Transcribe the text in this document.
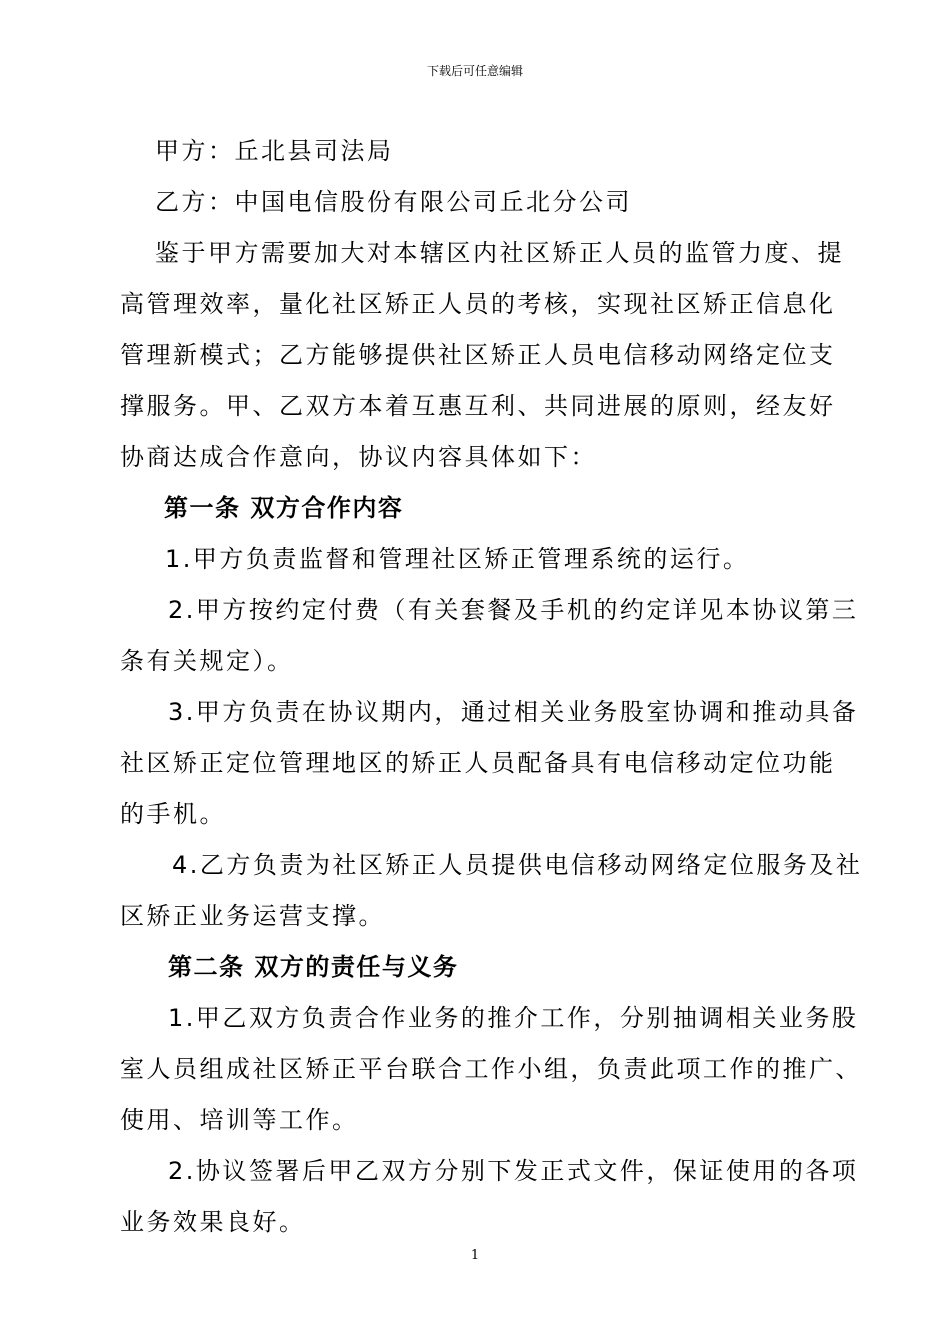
下载后可任意编辑
甲方：丘北县司法局
乙方：中国电信股份有限公司丘北分公司
鉴于甲方需要加大对本辖区内社区矫正人员的监管力度、提
高管理效率，量化社区矫正人员的考核，实现社区矫正信息化
管理新模式；乙方能够提供社区矫正人员电信移动网络定位支
撑服务。甲、乙双方本着互惠互利、共同进展的原则，经友好
协商达成合作意向，协议内容具体如下：
第一条 双方合作内容
1.甲方负责监督和管理社区矫正管理系统的运行。
2.甲方按约定付费（有关套餐及手机的约定详见本协议第三
条有关规定）。
3.甲方负责在协议期内，通过相关业务股室协调和推动具备
社区矫正定位管理地区的矫正人员配备具有电信移动定位功能
的手机。
4.乙方负责为社区矫正人员提供电信移动网络定位服务及社
区矫正业务运营支撑。
第二条 双方的责任与义务
1.甲乙双方负责合作业务的推介工作，分别抽调相关业务股
室人员组成社区矫正平台联合工作小组，负责此项工作的推广、
使用、培训等工作。
2.协议签署后甲乙双方分别下发正式文件，保证使用的各项
业务效果良好。
1
